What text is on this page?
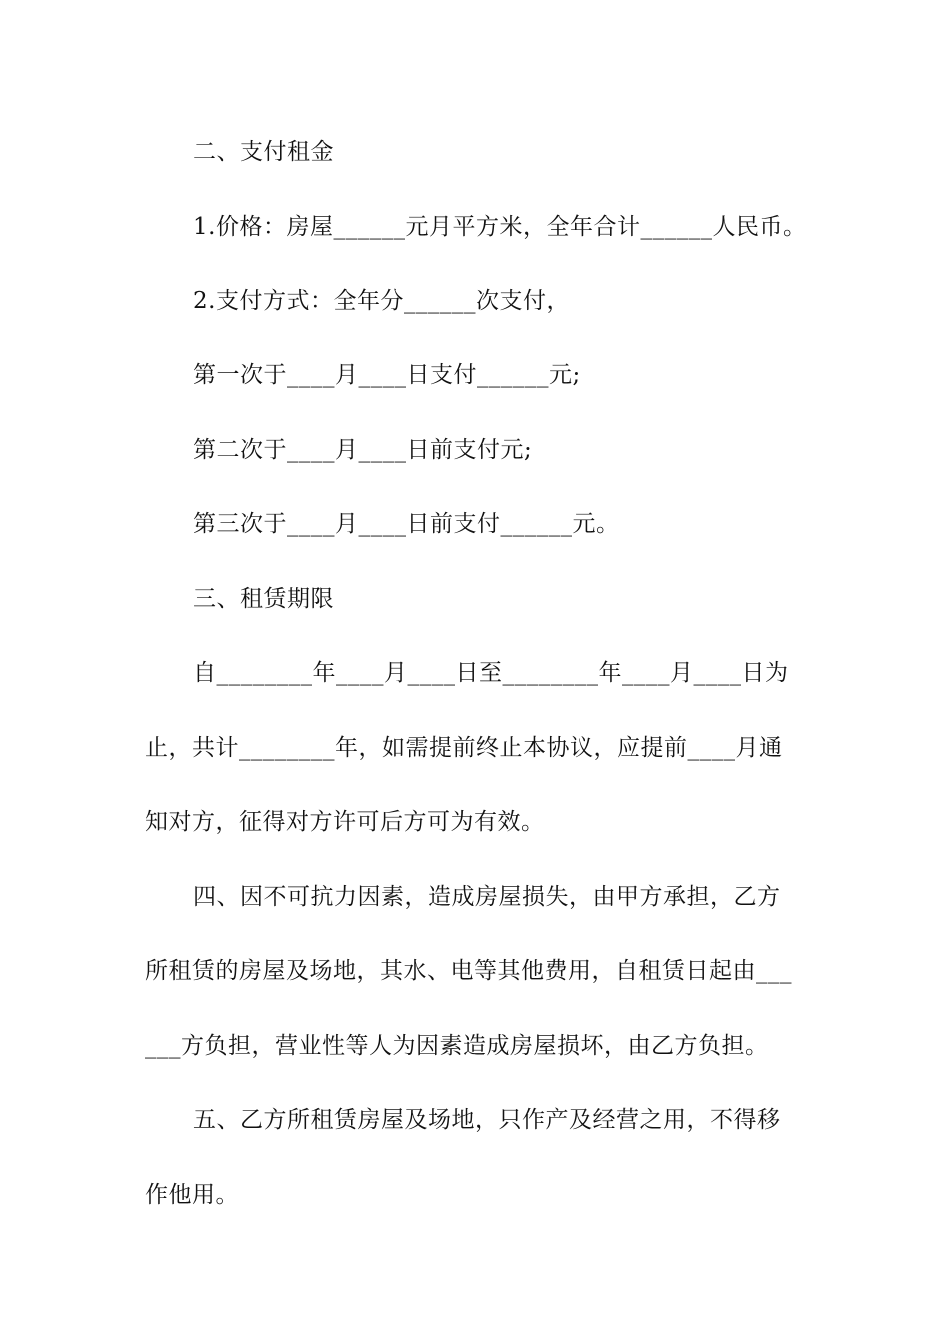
二、支付租金
1.价格：房屋______元月平方米，全年合计______人民币。
2.支付方式：全年分______次支付，
第一次于____月____日支付______元;
第二次于____月____日前支付元;
第三次于____月____日前支付______元。
三、租赁期限
自________年____月____日至________年____月____日为
止，共计________年，如需提前终止本协议，应提前____月通
知对方，征得对方许可后方可为有效。
四、因不可抗力因素，造成房屋损失，由甲方承担，乙方
所租赁的房屋及场地，其水、电等其他费用，自租赁日起由___
___方负担，营业性等人为因素造成房屋损坏，由乙方负担。
五、乙方所租赁房屋及场地，只作产及经营之用，不得移
作他用。
